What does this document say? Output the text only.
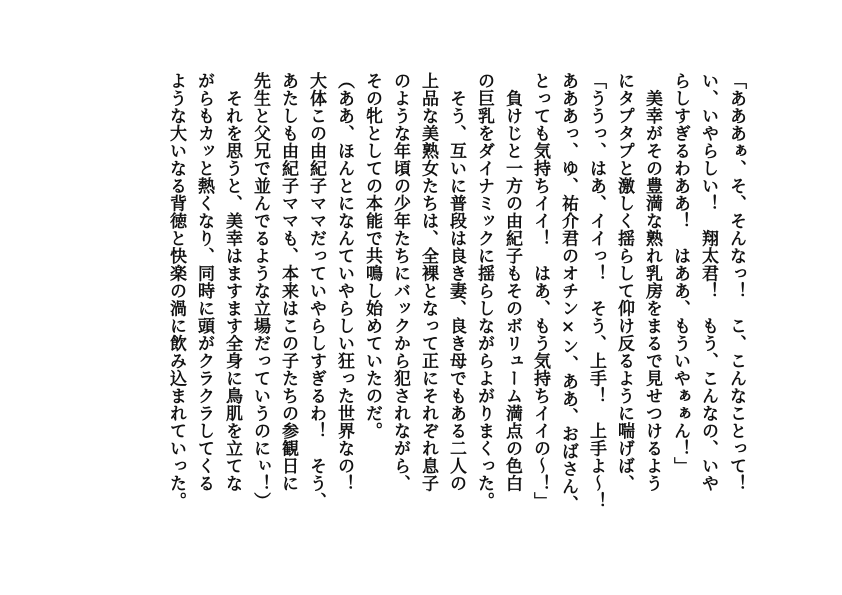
「あああぁ、そ、そんなっ！　こ、こんなことって！
い、いやらしい！　翔太君！　もう、こんなの、いや
らしすぎるわああ！　はああ、もういやぁぁん！」
　美幸がその豊満な熟れ乳房をまるで見せつけるよう
にタプタプと激しく揺らして仰け反るように喘げば、
「ううっ、はあ、イイっ！　そう、上手！　上手よ～！
あああっ、ゆ、祐介君のオチン×ン、ああ、おばさん、
とっても気持ちイイ！　はあ、もう気持ちイイの～！」
　負けじと一方の由紀子もそのボリューム満点の色白
の巨乳をダイナミックに揺らしながらよがりまくった。
　そう、互いに普段は良き妻、良き母でもある二人の
上品な美熟女たちは、全裸となって正にそれぞれ息子
のような年頃の少年たちにバックから犯されながら、
その牝としての本能で共鳴し始めていたのだ。
（ああ、ほんとになんていやらしい狂った世界なの！
大体この由紀子ママだっていやらしすぎるわ！　そう、
あたしも由紀子ママも、本来はこの子たちの参観日に
先生と父兄で並んでるような立場だっていうのにぃ！）
　それを思うと、美幸はますます全身に鳥肌を立てな
がらもカッと熱くなり、同時に頭がクラクラしてくる
ような大いなる背徳と快楽の渦に飲み込まれていった。
